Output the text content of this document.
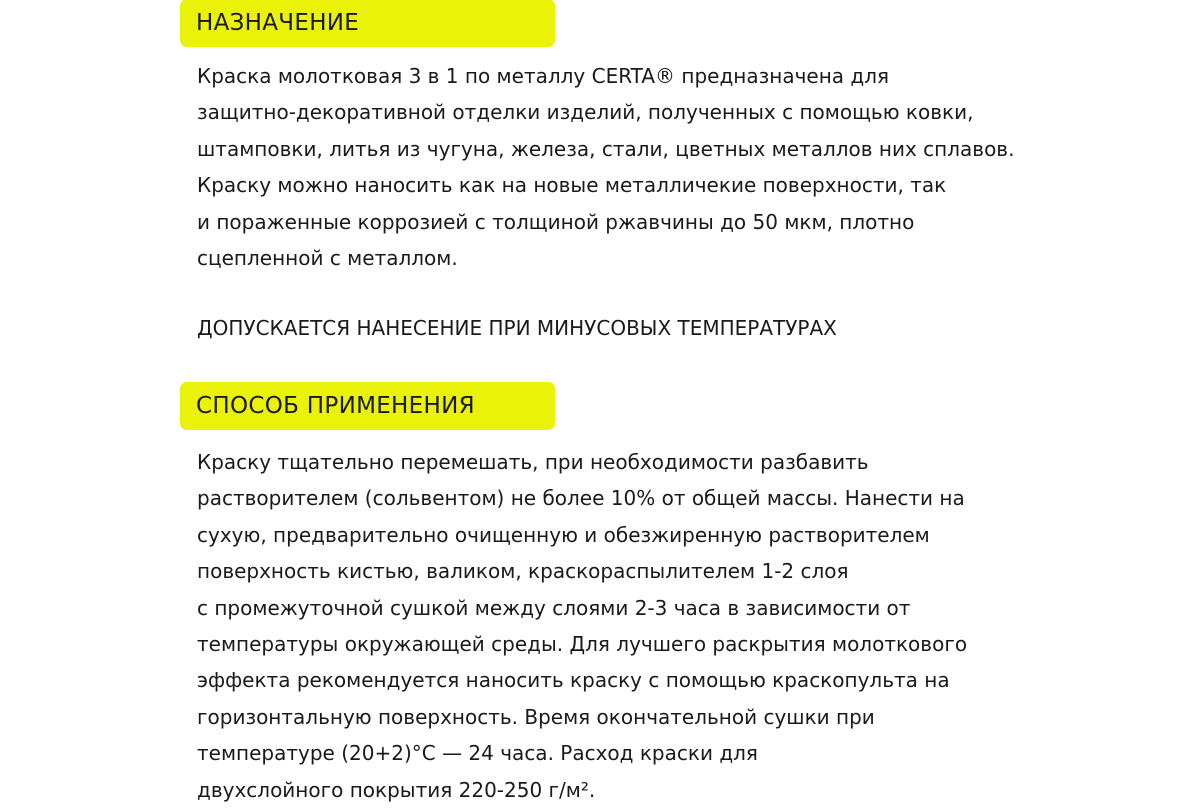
НАЗНАЧЕНИЕ
Краска молотковая 3 в 1 по металлу CERTA® предназначена для
защитно-декоративной отделки изделий, полученных с помощью ковки,
штамповки, литья из чугуна, железа, стали, цветных металлов них сплавов.
Краску можно наносить как на новые металличекие поверхности, так
и пораженные коррозией с толщиной ржавчины до 50 мкм, плотно
сцепленной с металлом.
ДОПУСКАЕТСЯ НАНЕСЕНИЕ ПРИ МИНУСОВЫХ ТЕМПЕРАТУРАХ
СПОСОБ ПРИМЕНЕНИЯ
Краску тщательно перемешать, при необходимости разбавить
растворителем (сольвентом) не более 10% от общей массы. Нанести на
сухую, предварительно очищенную и обезжиренную растворителем
поверхность кистью, валиком, краскораспылителем 1-2 слоя
с промежуточной сушкой между слоями 2-3 часа в зависимости от
температуры окружающей среды. Для лучшего раскрытия молоткового
эффекта рекомендуется наносить краску с помощью краскопульта на
горизонтальную поверхность. Время окончательной сушки при
температуре (20+2)°С — 24 часа. Расход краски для
двухслойного покрытия 220-250 г/м².
